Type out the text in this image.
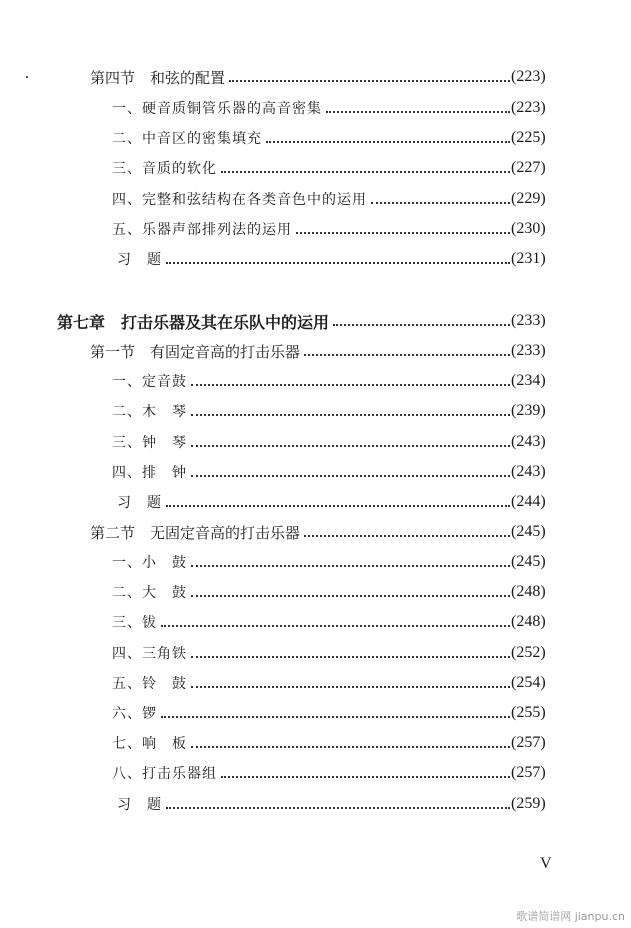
第四节　和弦的配置	(223)
一、硬音质铜管乐器的高音密集	(223)
二、中音区的密集填充	(225)
三、音质的软化	(227)
四、完整和弦结构在各类音色中的运用	(229)
五、乐器声部排列法的运用	(230)
习　题	(231)
第七章　打击乐器及其在乐队中的运用	(233)
第一节　有固定音高的打击乐器	(233)
一、定音鼓	(234)
二、木　琴	(239)
三、钟　琴	(243)
四、排　钟	(243)
习　题	(244)
第二节　无固定音高的打击乐器	(245)
一、小　鼓	(245)
二、大　鼓	(248)
三、钹	(248)
四、三角铁	(252)
五、铃　鼓	(254)
六、锣	(255)
七、响　板	(257)
八、打击乐器组	(257)
习　题	(259)
V
歌谱简谱网 jianpu.cn
